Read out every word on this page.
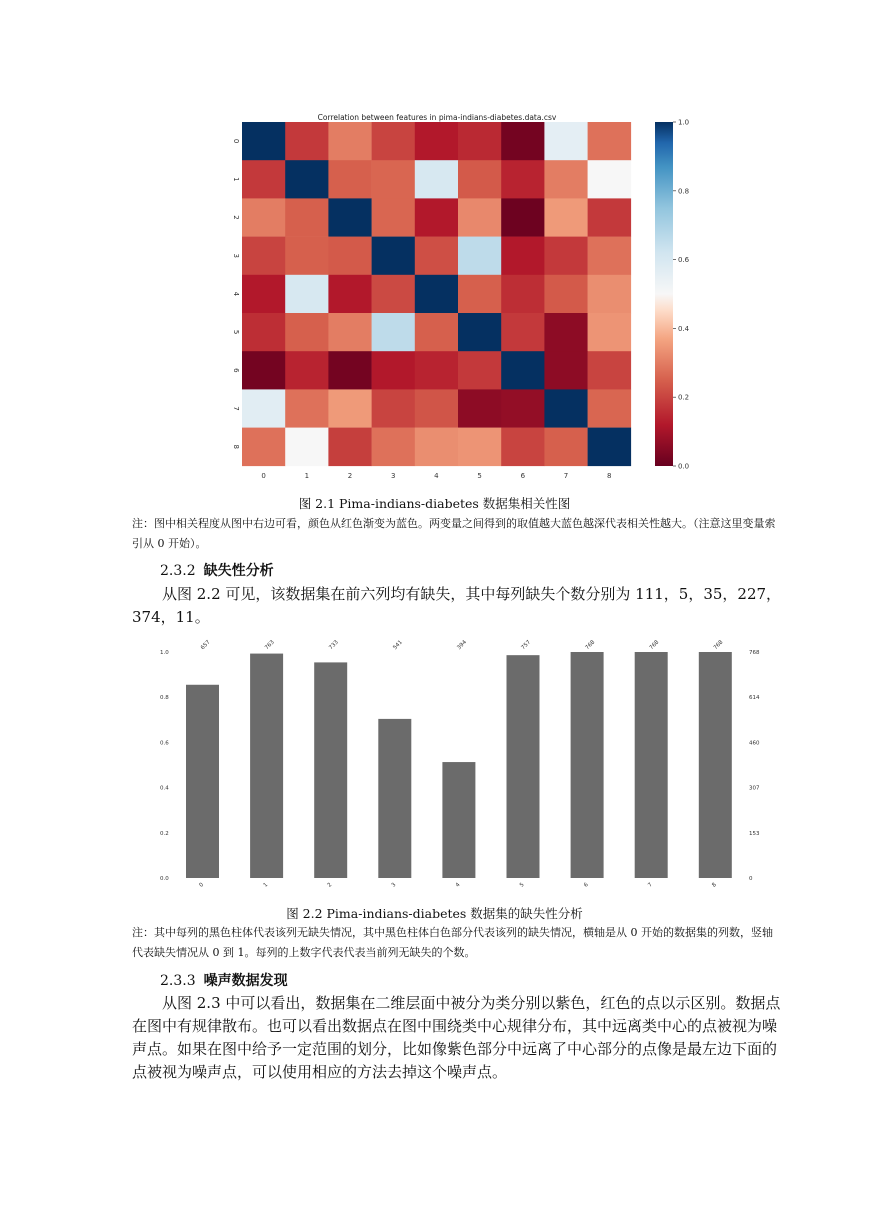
Correlation between features in pima-indians-diabetes.data.csv
0	1	2	3	4	5	6	7	8
0
1
2
3
4
5
6
7
8
0.0
0.2
0.4
0.6
0.8
1.0
图 2.1 Pima-indians-diabetes 数据集相关性图
注：图中相关程度从图中右边可看，颜色从红色渐变为蓝色。两变量之间得到的取值越大蓝色越深代表相关性越大。（注意这里变量索引从 0 开始）。
2.3.2 缺失性分析
从图 2.2 可见，该数据集在前六列均有缺失，其中每列缺失个数分别为 111，5，35，227，374，11。
0.0
0.2
0.4
0.6
0.8
1.0
0
153
307
460
614
768
657	763	733	541	394	757	768	768	768
0	1	2	3	4	5	6	7	8
图 2.2 Pima-indians-diabetes 数据集的缺失性分析
注：其中每列的黑色柱体代表该列无缺失情况，其中黑色柱体白色部分代表该列的缺失情况，横轴是从 0 开始的数据集的列数，竖轴代表缺失情况从 0 到 1。每列的上数字代表代表当前列无缺失的个数。
2.3.3 噪声数据发现
从图 2.3 中可以看出，数据集在二维层面中被分为类分别以紫色，红色的点以示区别。数据点在图中有规律散布。也可以看出数据点在图中围绕类中心规律分布，其中远离类中心的点被视为噪声点。如果在图中给予一定范围的划分，比如像紫色部分中远离了中心部分的点像是最左边下面的点被视为噪声点，可以使用相应的方法去掉这个噪声点。
